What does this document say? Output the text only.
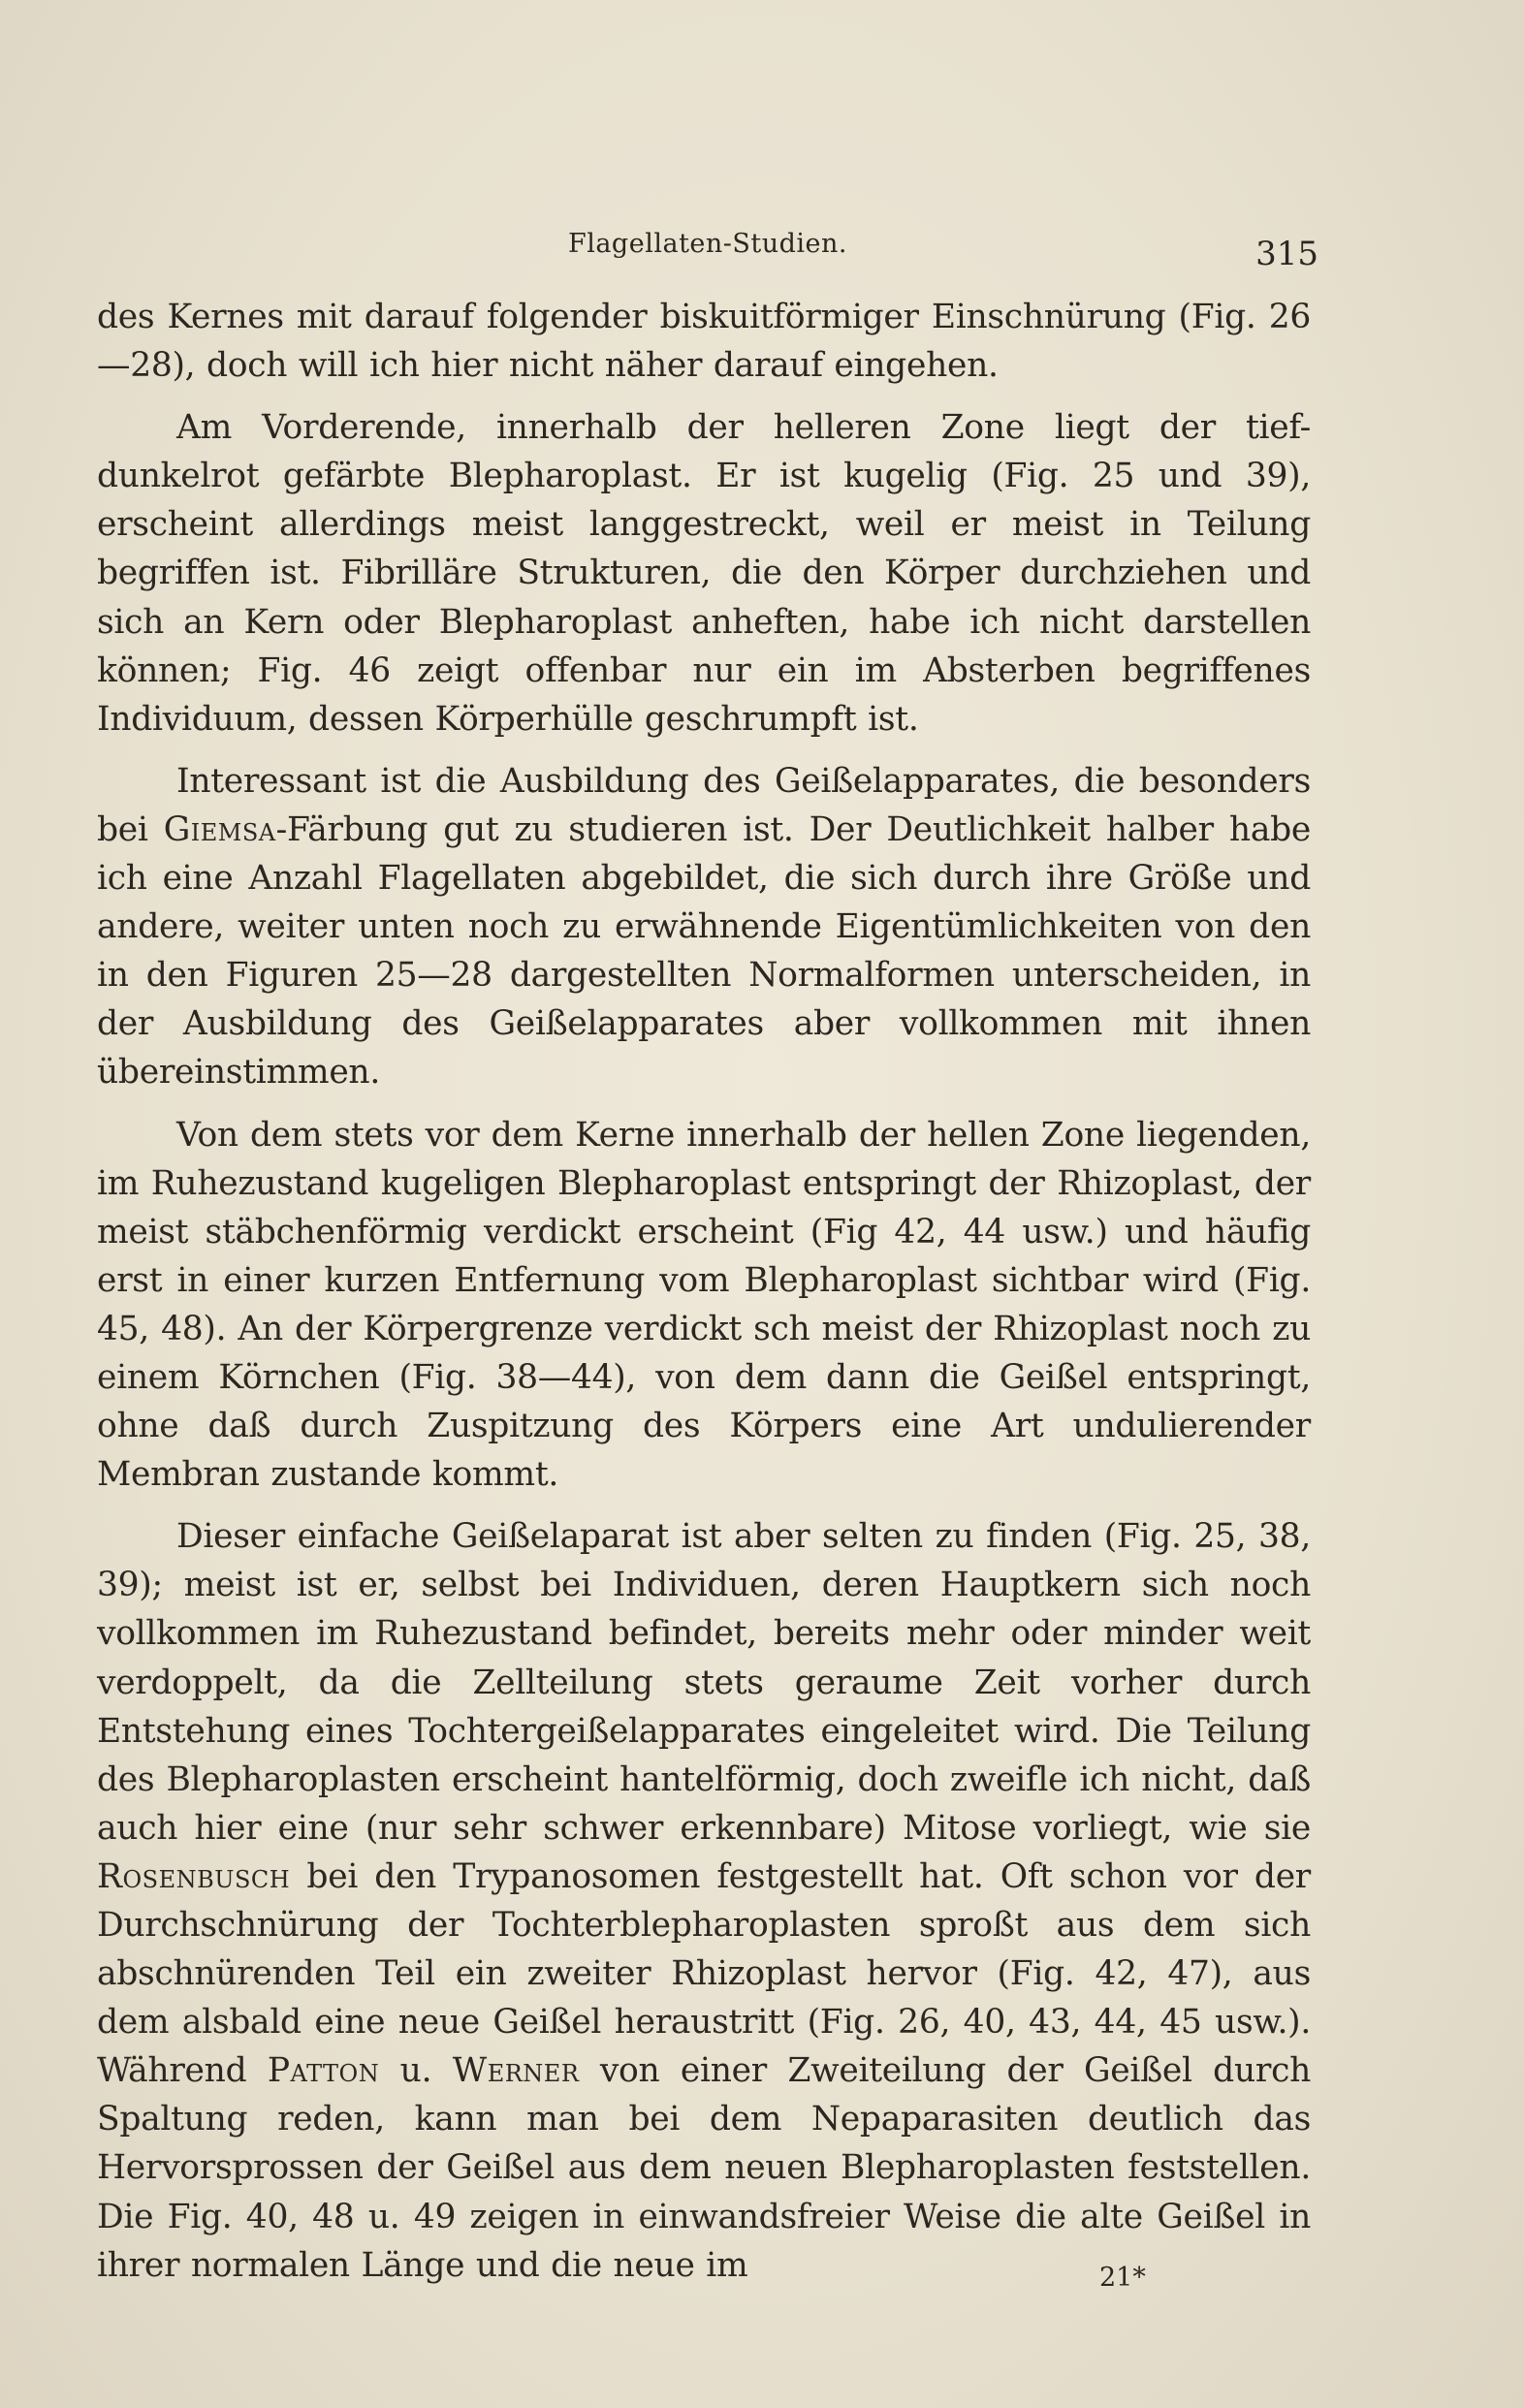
Flagellaten-Studien.	315

des Kernes mit darauf folgender biskuitförmiger Einschnürung (Fig. 26—28), doch will ich hier nicht näher darauf eingehen.

Am Vorderende, innerhalb der helleren Zone liegt der tief-dunkelrot gefärbte Blepharoplast. Er ist kugelig (Fig. 25 und 39), erscheint allerdings meist langgestreckt, weil er meist in Teilung begriffen ist. Fibrilläre Strukturen, die den Körper durchziehen und sich an Kern oder Blepharoplast anheften, habe ich nicht darstellen können; Fig. 46 zeigt offenbar nur ein im Absterben begriffenes Individuum, dessen Körperhülle geschrumpft ist.

Interessant ist die Ausbildung des Geißelapparates, die besonders bei Giemsa-Färbung gut zu studieren ist. Der Deutlichkeit halber habe ich eine Anzahl Flagellaten abgebildet, die sich durch ihre Größe und andere, weiter unten noch zu erwähnende Eigentümlichkeiten von den in den Figuren 25—28 dargestellten Normalformen unterscheiden, in der Ausbildung des Geißelapparates aber vollkommen mit ihnen übereinstimmen.

Von dem stets vor dem Kerne innerhalb der hellen Zone liegenden, im Ruhezustand kugeligen Blepharoplast entspringt der Rhizoplast, der meist stäbchenförmig verdickt erscheint (Fig 42, 44 usw.) und häufig erst in einer kurzen Entfernung vom Blepharoplast sichtbar wird (Fig. 45, 48). An der Körpergrenze verdickt sch meist der Rhizoplast noch zu einem Körnchen (Fig. 38—44), von dem dann die Geißel entspringt, ohne daß durch Zuspitzung des Körpers eine Art undulierender Membran zustande kommt.

Dieser einfache Geißelaparat ist aber selten zu finden (Fig. 25, 38, 39); meist ist er, selbst bei Individuen, deren Hauptkern sich noch vollkommen im Ruhezustand befindet, bereits mehr oder minder weit verdoppelt, da die Zellteilung stets geraume Zeit vorher durch Entstehung eines Tochtergeißelapparates eingeleitet wird. Die Teilung des Blepharoplasten erscheint hantelförmig, doch zweifle ich nicht, daß auch hier eine (nur sehr schwer erkennbare) Mitose vorliegt, wie sie Rosenbusch bei den Trypanosomen festgestellt hat. Oft schon vor der Durchschnürung der Tochterblepharoplasten sproßt aus dem sich abschnürenden Teil ein zweiter Rhizoplast hervor (Fig. 42, 47), aus dem alsbald eine neue Geißel heraustritt (Fig. 26, 40, 43, 44, 45 usw.). Während Patton u. Werner von einer Zweiteilung der Geißel durch Spaltung reden, kann man bei dem Nepaparasiten deutlich das Hervorsprossen der Geißel aus dem neuen Blepharoplasten feststellen. Die Fig. 40, 48 u. 49 zeigen in einwandsfreier Weise die alte Geißel in ihrer normalen Länge und die neue im	21*
